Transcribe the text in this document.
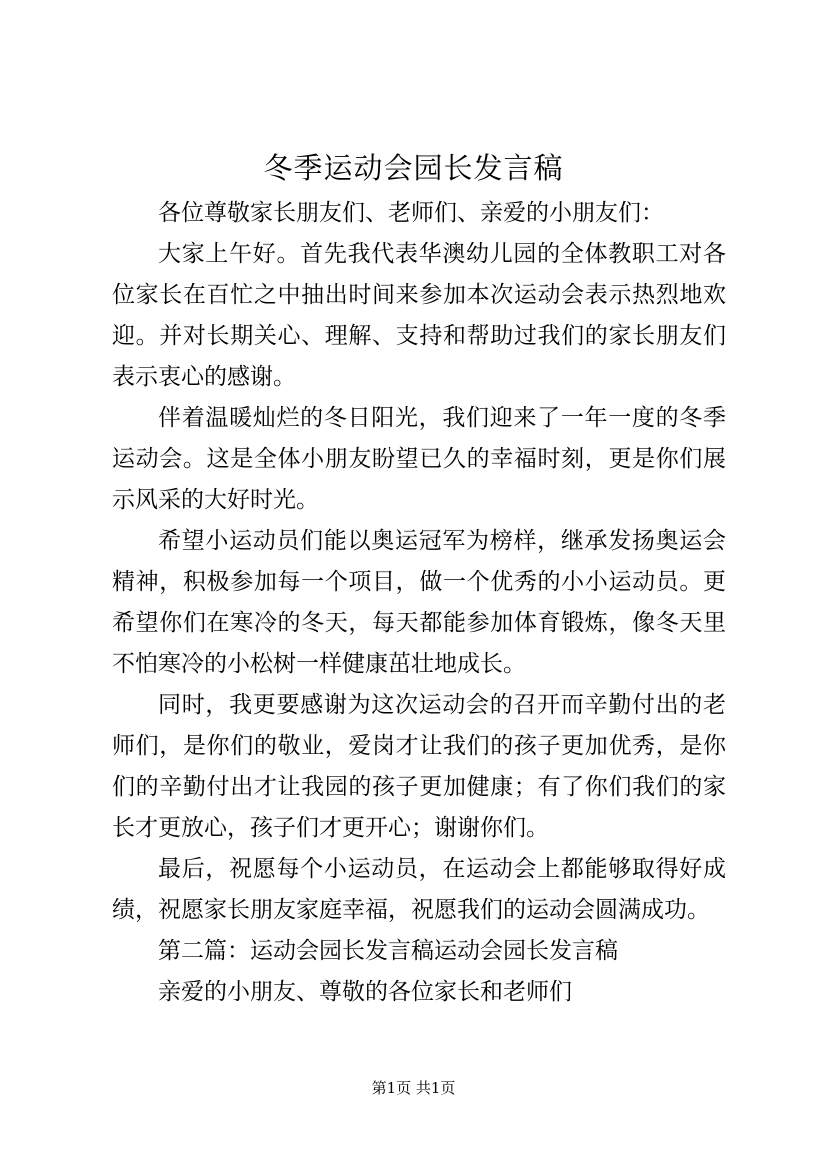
冬季运动会园长发言稿

各位尊敬家长朋友们、老师们、亲爱的小朋友们：

大家上午好。首先我代表华澳幼儿园的全体教职工对各位家长在百忙之中抽出时间来参加本次运动会表示热烈地欢迎。并对长期关心、理解、支持和帮助过我们的家长朋友们表示衷心的感谢。

伴着温暖灿烂的冬日阳光，我们迎来了一年一度的冬季运动会。这是全体小朋友盼望已久的幸福时刻，更是你们展示风采的大好时光。

希望小运动员们能以奥运冠军为榜样，继承发扬奥运会精神，积极参加每一个项目，做一个优秀的小小运动员。更希望你们在寒冷的冬天，每天都能参加体育锻炼，像冬天里不怕寒冷的小松树一样健康茁壮地成长。

同时，我更要感谢为这次运动会的召开而辛勤付出的老师们，是你们的敬业，爱岗才让我们的孩子更加优秀，是你们的辛勤付出才让我园的孩子更加健康；有了你们我们的家长才更放心，孩子们才更开心；谢谢你们。

最后，祝愿每个小运动员，在运动会上都能够取得好成绩，祝愿家长朋友家庭幸福，祝愿我们的运动会圆满成功。

第二篇：运动会园长发言稿运动会园长发言稿

亲爱的小朋友、尊敬的各位家长和老师们

第1页 共1页
